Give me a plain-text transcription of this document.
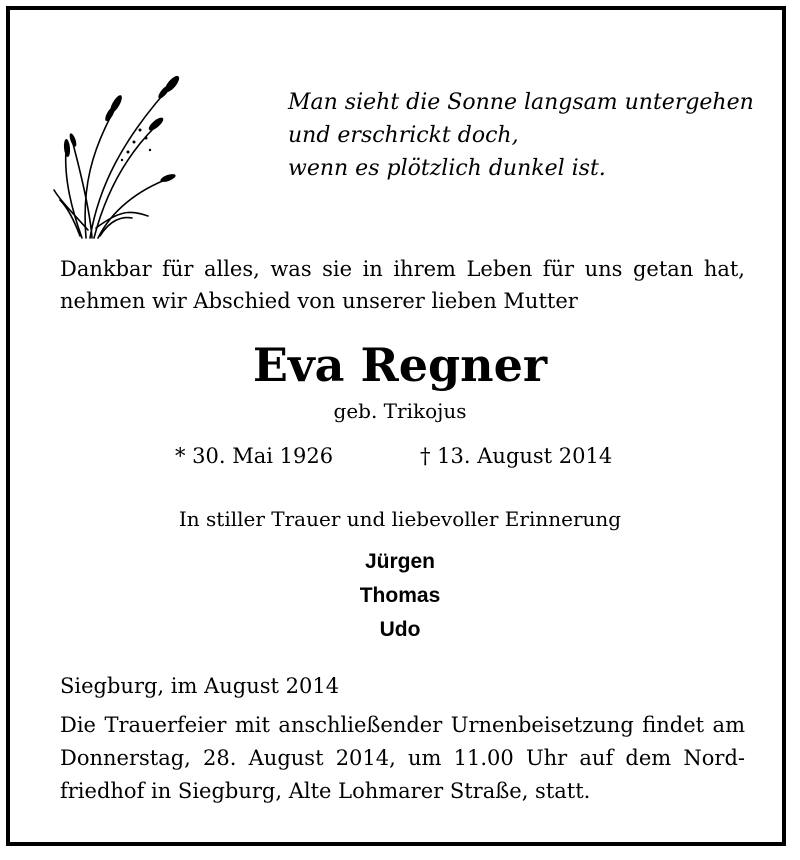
Man sieht die Sonne langsam untergehen
und erschrickt doch,
wenn es plötzlich dunkel ist.
Dankbar für alles, was sie in ihrem Leben für uns getan hat,
nehmen wir Abschied von unserer lieben Mutter
Eva Regner
geb. Trikojus
* 30. Mai 1926	† 13. August 2014
In stiller Trauer und liebevoller Erinnerung
Jürgen
Thomas
Udo
Siegburg, im August 2014
Die Trauerfeier mit anschließender Urnenbeisetzung findet am
Donnerstag, 28. August 2014, um 11.00 Uhr auf dem Nord-
friedhof in Siegburg, Alte Lohmarer Straße, statt.
